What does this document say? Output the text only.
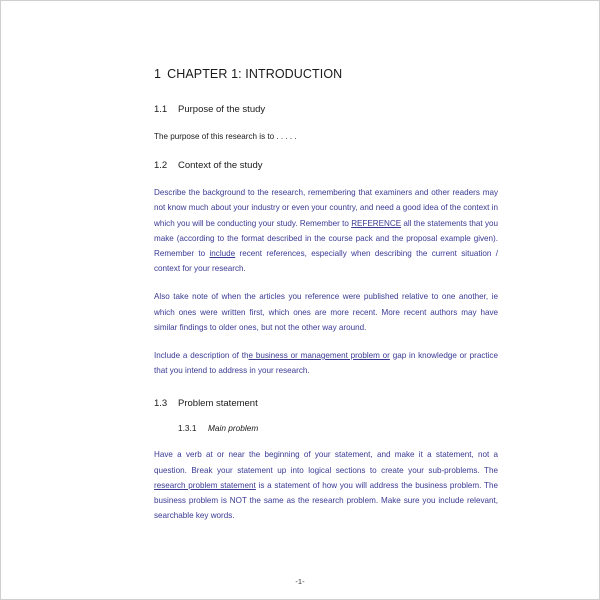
1 CHAPTER 1: INTRODUCTION
1.1 Purpose of the study
The purpose of this research is to . . . . .
1.2 Context of the study
Describe the background to the research, remembering that examiners and other readers may not know much about your industry or even your country, and need a good idea of the context in which you will be conducting your study. Remember to REFERENCE all the statements that you make (according to the format described in the course pack and the proposal example given). Remember to include recent references, especially when describing the current situation / context for your research.
Also take note of when the articles you reference were published relative to one another, ie which ones were written first, which ones are more recent. More recent authors may have similar findings to older ones, but not the other way around.
Include a description of the business or management problem or gap in knowledge or practice that you intend to address in your research.
1.3 Problem statement
1.3.1 Main problem
Have a verb at or near the beginning of your statement, and make it a statement, not a question. Break your statement up into logical sections to create your sub-problems. The research problem statement is a statement of how you will address the business problem. The business problem is NOT the same as the research problem. Make sure you include relevant, searchable key words.
-1-
